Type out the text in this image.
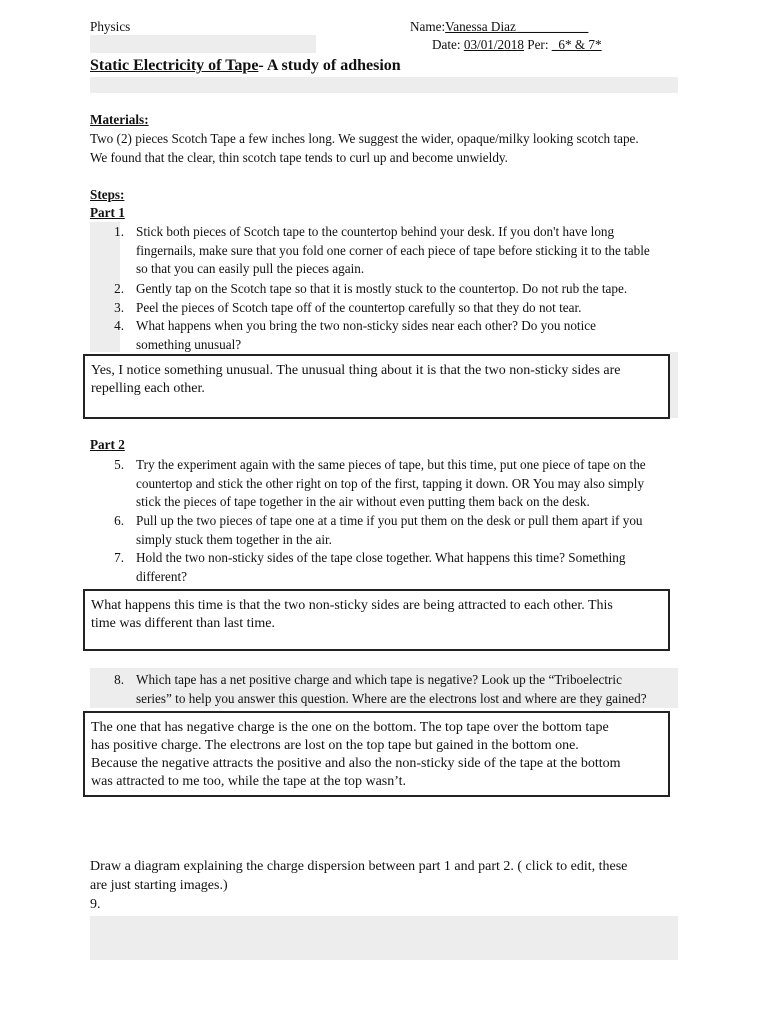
Physics	Name:Vanessa Diaz___________
Date: 03/01/2018 Per: _6* & 7*
Static Electricity of Tape- A study of adhesion
Materials:
Two (2) pieces Scotch Tape a few inches long. We suggest the wider, opaque/milky looking scotch tape.
We found that the clear, thin scotch tape tends to curl up and become unwieldy.
Steps:
Part 1
1. Stick both pieces of Scotch tape to the countertop behind your desk. If you don't have long
fingernails, make sure that you fold one corner of each piece of tape before sticking it to the table
so that you can easily pull the pieces again.
2. Gently tap on the Scotch tape so that it is mostly stuck to the countertop. Do not rub the tape.
3. Peel the pieces of Scotch tape off of the countertop carefully so that they do not tear.
4. What happens when you bring the two non-sticky sides near each other? Do you notice
something unusual?
Yes, I notice something unusual. The unusual thing about it is that the two non-sticky sides are
repelling each other.
Part 2
5. Try the experiment again with the same pieces of tape, but this time, put one piece of tape on the
countertop and stick the other right on top of the first, tapping it down. OR You may also simply
stick the pieces of tape together in the air without even putting them back on the desk.
6. Pull up the two pieces of tape one at a time if you put them on the desk or pull them apart if you
simply stuck them together in the air.
7. Hold the two non-sticky sides of the tape close together. What happens this time? Something
different?
What happens this time is that the two non-sticky sides are being attracted to each other. This
time was different than last time.
8. Which tape has a net positive charge and which tape is negative? Look up the “Triboelectric
series” to help you answer this question. Where are the electrons lost and where are they gained?
The one that has negative charge is the one on the bottom. The top tape over the bottom tape
has positive charge. The electrons are lost on the top tape but gained in the bottom one.
Because the negative attracts the positive and also the non-sticky side of the tape at the bottom
was attracted to me too, while the tape at the top wasn’t.
Draw a diagram explaining the charge dispersion between part 1 and part 2. ( click to edit, these
are just starting images.)
9.
